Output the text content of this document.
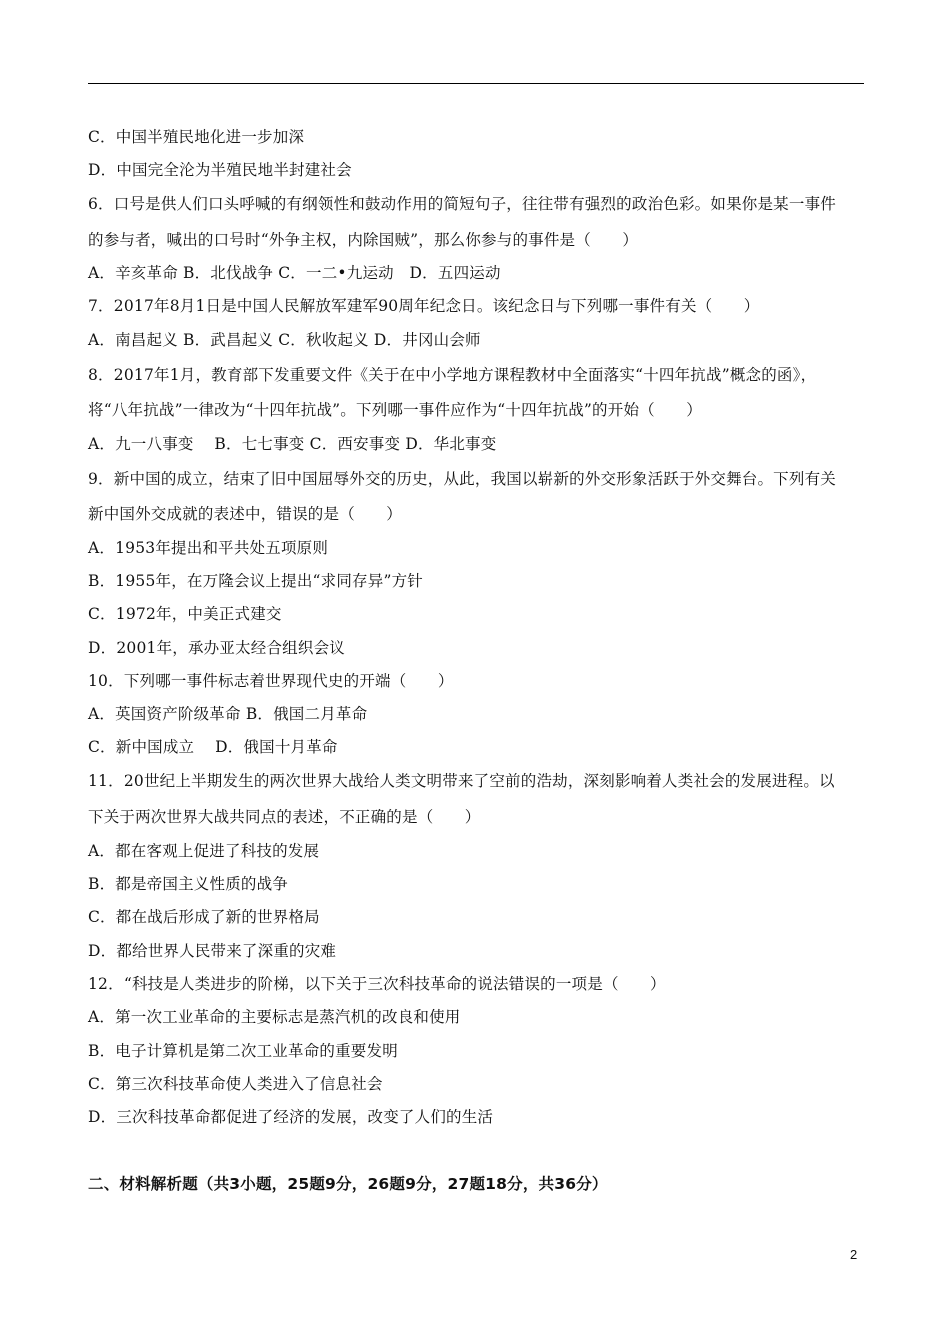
C．中国半殖民地化进一步加深
D．中国完全沦为半殖民地半封建社会
6．口号是供人们口头呼喊的有纲领性和鼓动作用的简短句子，往往带有强烈的政治色彩。如果你是某一事件
的参与者，喊出的口号时“外争主权，内除国贼”，那么你参与的事件是（　　）
A．辛亥革命 B．北伐战争 C．一二•九运动　D．五四运动
7．2017年8月1日是中国人民解放军建军90周年纪念日。该纪念日与下列哪一事件有关（　　）
A．南昌起义 B．武昌起义 C．秋收起义 D．井冈山会师
8．2017年1月，教育部下发重要文件《关于在中小学地方课程教材中全面落实“十四年抗战”概念的函》，
将“八年抗战”一律改为“十四年抗战”。下列哪一事件应作为“十四年抗战”的开始（　　）
A．九一八事变　 B．七七事变 C．西安事变 D．华北事变
9．新中国的成立，结束了旧中国屈辱外交的历史，从此，我国以崭新的外交形象活跃于外交舞台。下列有关
新中国外交成就的表述中，错误的是（　　）
A．1953年提出和平共处五项原则
B．1955年，在万隆会议上提出“求同存异”方针
C．1972年，中美正式建交
D．2001年，承办亚太经合组织会议
10．下列哪一事件标志着世界现代史的开端（　　）
A．英国资产阶级革命 B．俄国二月革命
C．新中国成立　 D．俄国十月革命
11．20世纪上半期发生的两次世界大战给人类文明带来了空前的浩劫，深刻影响着人类社会的发展进程。以
下关于两次世界大战共同点的表述，不正确的是（　　）
A．都在客观上促进了科技的发展
B．都是帝国主义性质的战争
C．都在战后形成了新的世界格局
D．都给世界人民带来了深重的灾难
12．“科技是人类进步的阶梯，以下关于三次科技革命的说法错误的一项是（　　）
A．第一次工业革命的主要标志是蒸汽机的改良和使用
B．电子计算机是第二次工业革命的重要发明
C．第三次科技革命使人类进入了信息社会
D．三次科技革命都促进了经济的发展，改变了人们的生活
二、材料解析题（共3小题，25题9分，26题9分，27题18分，共36分）
2
